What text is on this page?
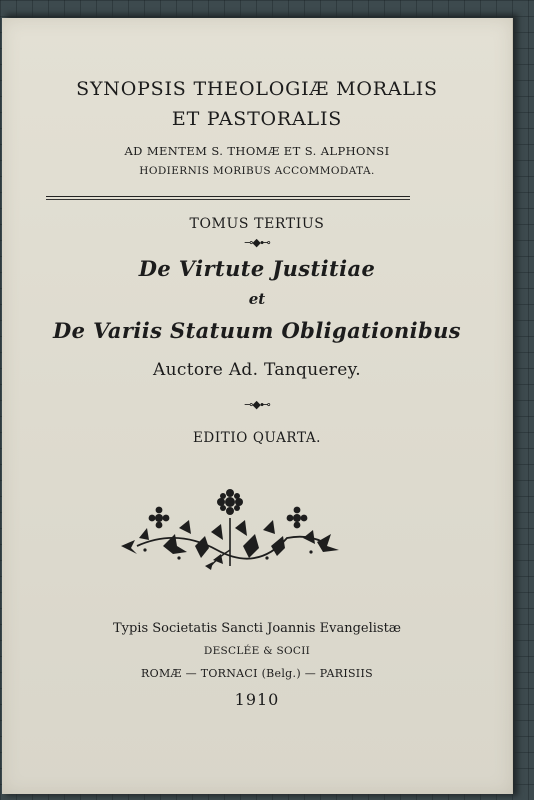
SYNOPSIS THEOLOGIÆ MORALIS
ET PASTORALIS
AD MENTEM S. THOMÆ ET S. ALPHONSI
HODIERNIS MORIBUS ACCOMMODATA.
TOMUS TERTIUS
⊸◆⊷
De Virtute Justitiae
et
De Variis Statuum Obligationibus
Auctore Ad. Tanquerey.
⊸◆⊷
EDITIO QUARTA.
Typis Societatis Sancti Joannis Evangelistæ
DESCLÉE & SOCII
ROMÆ — TORNACI (Belg.) — PARISIIS
1910
